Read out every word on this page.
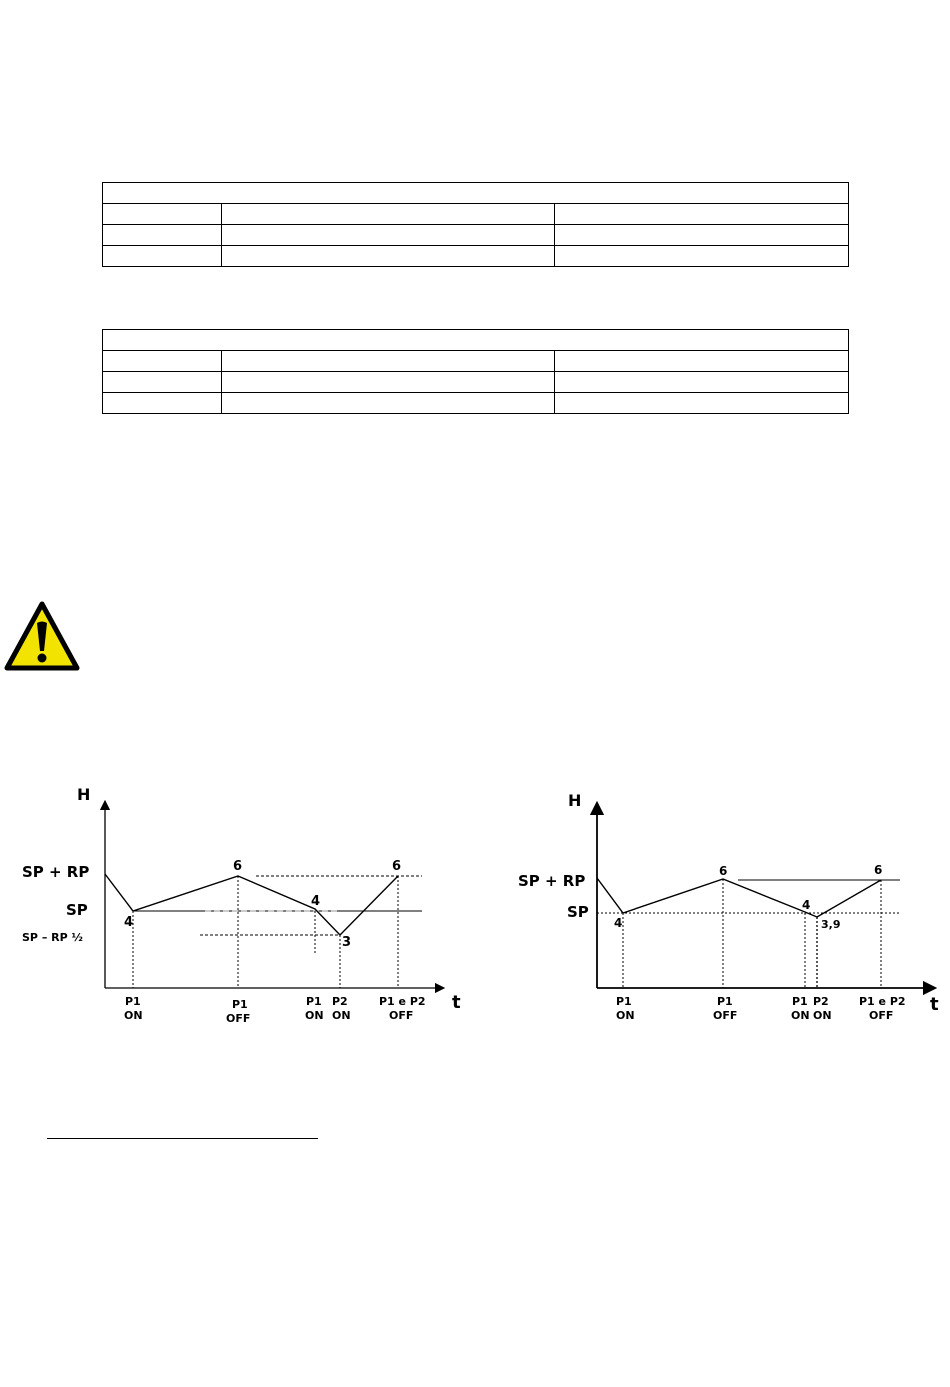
H
t
SP + RP
SP
SP – RP ½
4
6
4
3
6
P1
ON
P1
OFF
P1
ON
P2
ON
P1 e P2
OFF
H
t
SP + RP
SP
4
6
4
3,9
6
P1
ON
P1
OFF
P1
ON
P2
ON
P1 e P2
OFF
